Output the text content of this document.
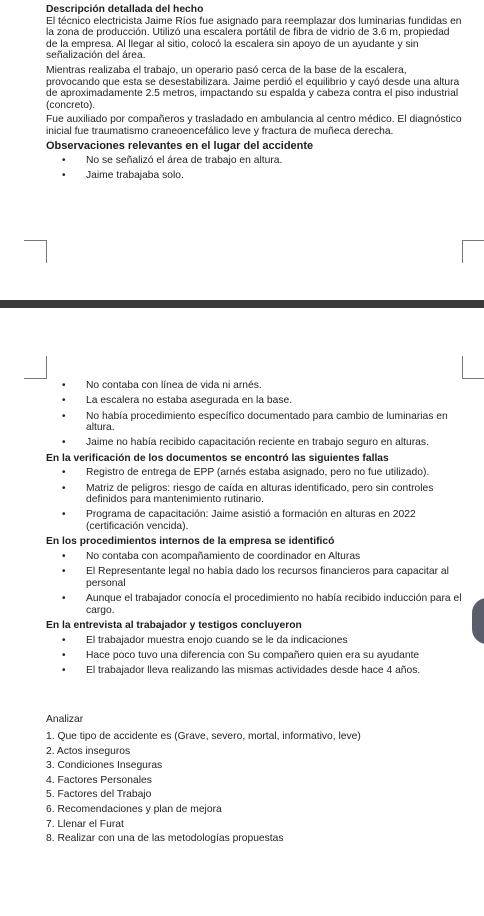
Descripción detallada del hecho

El técnico electricista Jaime Ríos fue asignado para reemplazar dos luminarias fundidas en la zona de producción. Utilizó una escalera portátil de fibra de vidrio de 3.6 m, propiedad de la empresa. Al llegar al sitio, colocó la escalera sin apoyo de un ayudante y sin señalización del área.

Mientras realizaba el trabajo, un operario pasó cerca de la base de la escalera, provocando que esta se desestabilizara. Jaime perdió el equilibrio y cayó desde una altura de aproximadamente 2.5 metros, impactando su espalda y cabeza contra el piso industrial (concreto).

Fue auxiliado por compañeros y trasladado en ambulancia al centro médico. El diagnóstico inicial fue traumatismo craneoencefálico leve y fractura de muñeca derecha.

Observaciones relevantes en el lugar del accidente
• No se señalizó el área de trabajo en altura.
• Jaime trabajaba solo.
• No contaba con línea de vida ni arnés.
• La escalera no estaba asegurada en la base.
• No había procedimiento específico documentado para cambio de luminarias en altura.
• Jaime no había recibido capacitación reciente en trabajo seguro en alturas.
En la verificación de los documentos se encontró las siguientes fallas
• Registro de entrega de EPP (arnés estaba asignado, pero no fue utilizado).
• Matriz de peligros: riesgo de caída en alturas identificado, pero sin controles definidos para mantenimiento rutinario.
• Programa de capacitación: Jaime asistió a formación en alturas en 2022 (certificación vencida).
En los procedimientos internos de la empresa se identificó
• No contaba con acompañamiento de coordinador en Alturas
• El Representante legal no había dado los recursos financieros para capacitar al personal
• Aunque el trabajador conocía el procedimiento no había recibido inducción para el cargo.
En la entrevista al trabajador y testigos concluyeron
• El trabajador muestra enojo cuando se le da indicaciones
• Hace poco tuvo una diferencia con Su compañero quien era su ayudante
• El trabajador lleva realizando las mismas actividades desde hace 4 años.
Analizar
1. Que tipo de accidente es (Grave, severo, mortal, informativo, leve)
2. Actos inseguros
3. Condiciones Inseguras
4. Factores Personales
5. Factores del Trabajo
6. Recomendaciones y plan de mejora
7. Llenar el Furat
8. Realizar con una de las metodologías propuestas
